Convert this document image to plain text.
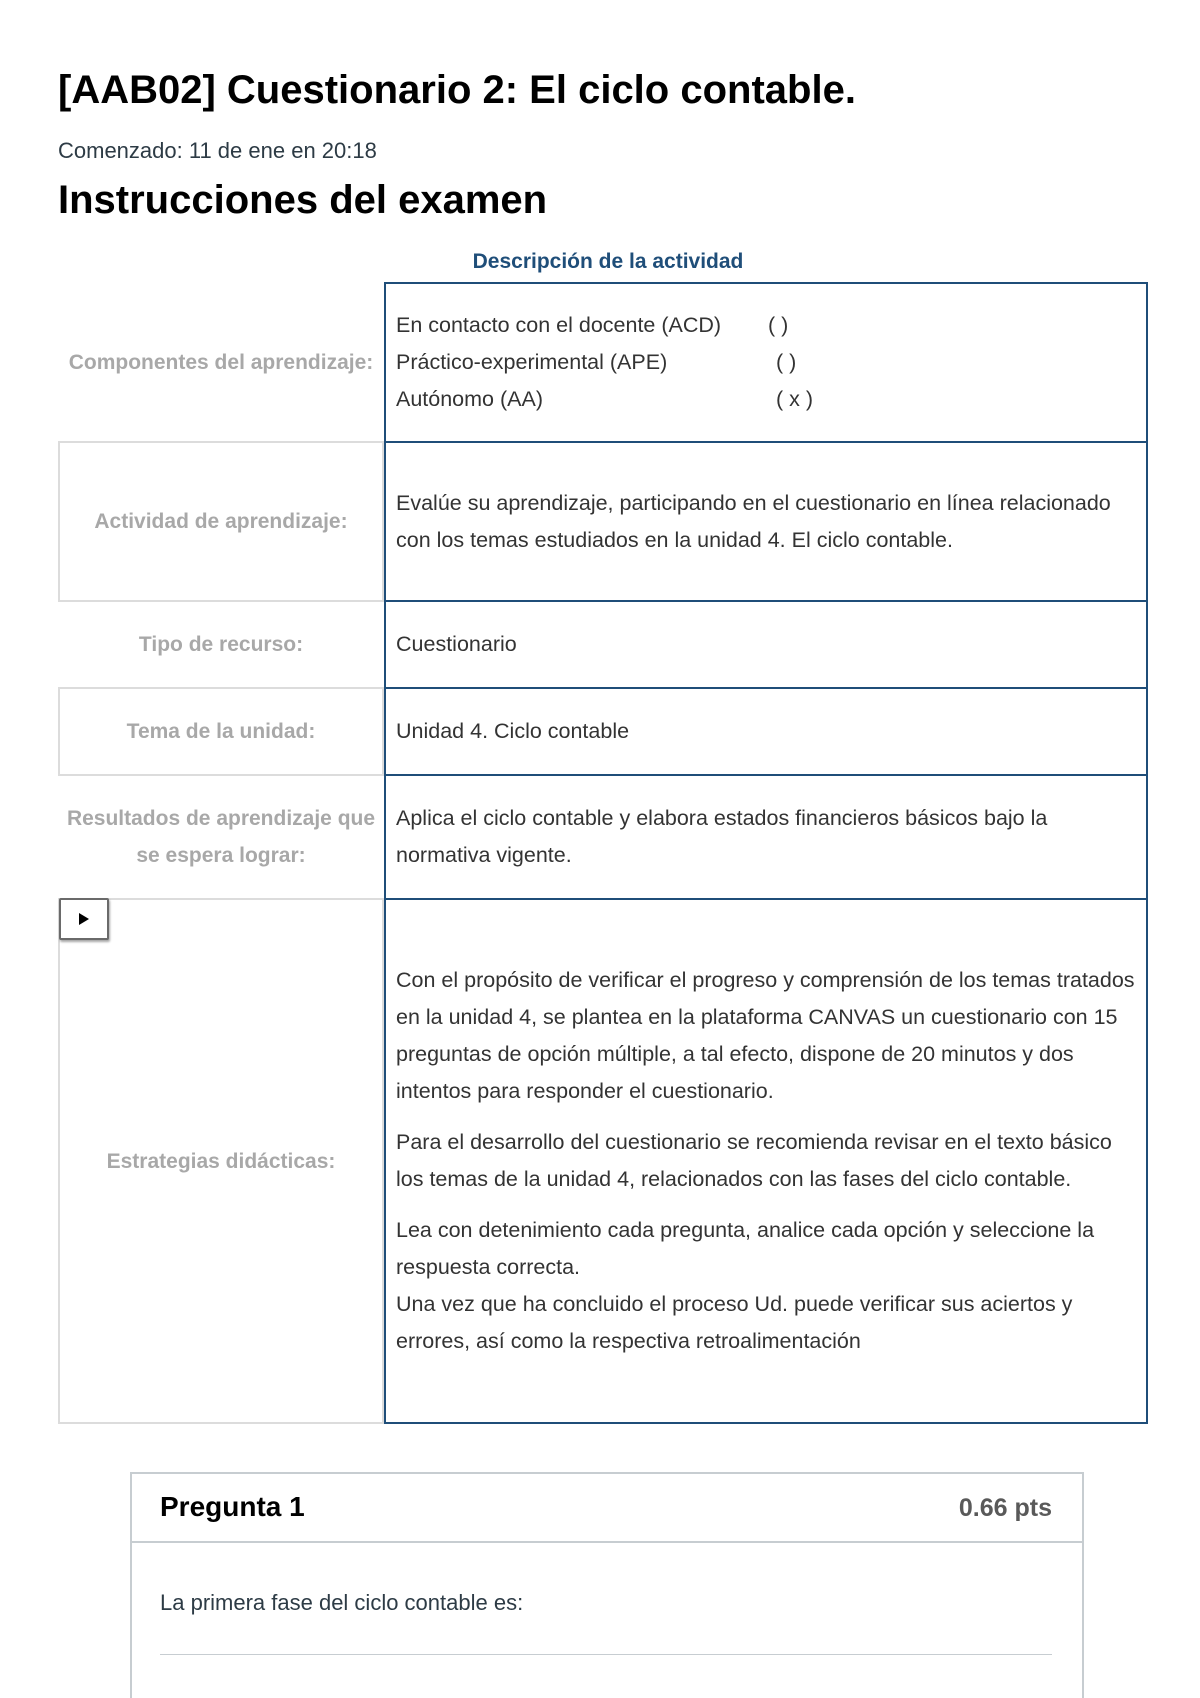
[AAB02] Cuestionario 2: El ciclo contable.
Comenzado: 11 de ene en 20:18
Instrucciones del examen
Descripción de la actividad
Componentes del aprendizaje:
En contacto con el docente (ACD) ( )
Práctico-experimental (APE)	( )
Autónomo (AA)	( x )
Actividad de aprendizaje:

Evalúe su aprendizaje, participando en el cuestionario en línea relacionado con los temas estudiados en la unidad 4. El ciclo contable.

Tipo de recurso:	Cuestionario

Tema de la unidad:	Unidad 4. Ciclo contable

Resultados de aprendizaje que se espera lograr:

Aplica el ciclo contable y elabora estados financieros básicos bajo la normativa vigente.

Estrategias didácticas:

Con el propósito de verificar el progreso y comprensión de los temas tratados en la unidad 4, se plantea en la plataforma CANVAS un cuestionario con 15 preguntas de opción múltiple, a tal efecto, dispone de 20 minutos y dos intentos para responder el cuestionario.

Para el desarrollo del cuestionario se recomienda revisar en el texto básico los temas de la unidad 4, relacionados con las fases del ciclo contable.

Lea con detenimiento cada pregunta, analice cada opción y seleccione la respuesta correcta.

Una vez que ha concluido el proceso Ud. puede verificar sus aciertos y errores, así como la respectiva retroalimentación

Pregunta 1	0.66 pts
La primera fase del ciclo contable es:
